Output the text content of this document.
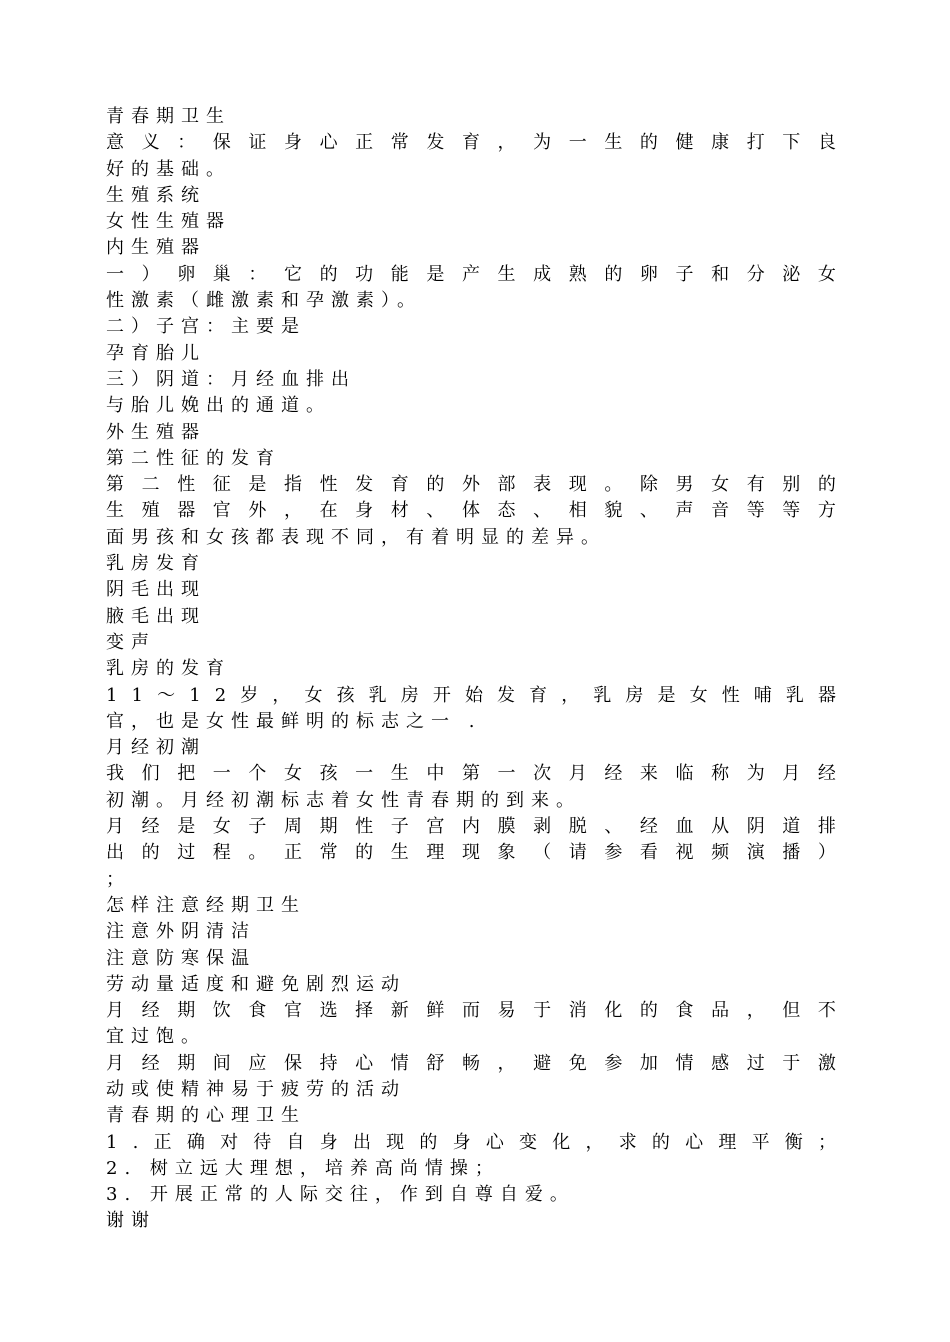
青春期卫生
意 义 ： 保 证 身 心 正 常 发 育 ， 为 一 生 的 健 康 打 下 良
好的基础。
生殖系统
女性生殖器
内生殖器
一 ） 卵 巢 ： 它 的 功 能 是 产 生 成 熟 的 卵 子 和 分 泌 女
性激素（雌激素和孕激素）。
二）子宫：主要是
孕育胎儿
三）阴道：月经血排出
与胎儿娩出的通道。
外生殖器
第二性征的发育
第 二 性 征 是 指 性 发 育 的 外 部 表 现 。 除 男 女 有 别 的
生 殖 器 官 外 ， 在 身 材 、 体 态 、 相 貌 、 声 音 等 等 方
面男孩和女孩都表现不同，有着明显的差异。
乳房发育
阴毛出现
腋毛出现
变声
乳房的发育
1 1 ～ 1 2 岁 ， 女 孩 乳 房 开 始 发 育 ， 乳 房 是 女 性 哺 乳 器
官，也是女性最鲜明的标志之一 .
月经初潮
我 们 把 一 个 女 孩 一 生 中 第 一 次 月 经 来 临 称 为 月 经
初潮。月经初潮标志着女性青春期的到来。
月 经 是 女 子 周 期 性 子 宫 内 膜 剥 脱 、 经 血 从 阴 道 排
出 的 过 程 。 正 常 的 生 理 现 象 （ 请 参 看 视 频 演 播 ）
；
怎样注意经期卫生
注意外阴清洁
注意防寒保温
劳动量适度和避免剧烈运动
月 经 期 饮 食 官 选 择 新 鲜 而 易 于 消 化 的 食 品 ， 但 不
宜过饱。
月 经 期 间 应 保 持 心 情 舒 畅 ， 避 免 参 加 情 感 过 于 激
动或使精神易于疲劳的活动
青春期的心理卫生
1 . 正 确 对 待 自 身 出 现 的 身 心 变 化 ， 求 的 心 理 平 衡 ；
2. 树立远大理想，培养高尚情操；
3. 开展正常的人际交往，作到自尊自爱。
谢谢
